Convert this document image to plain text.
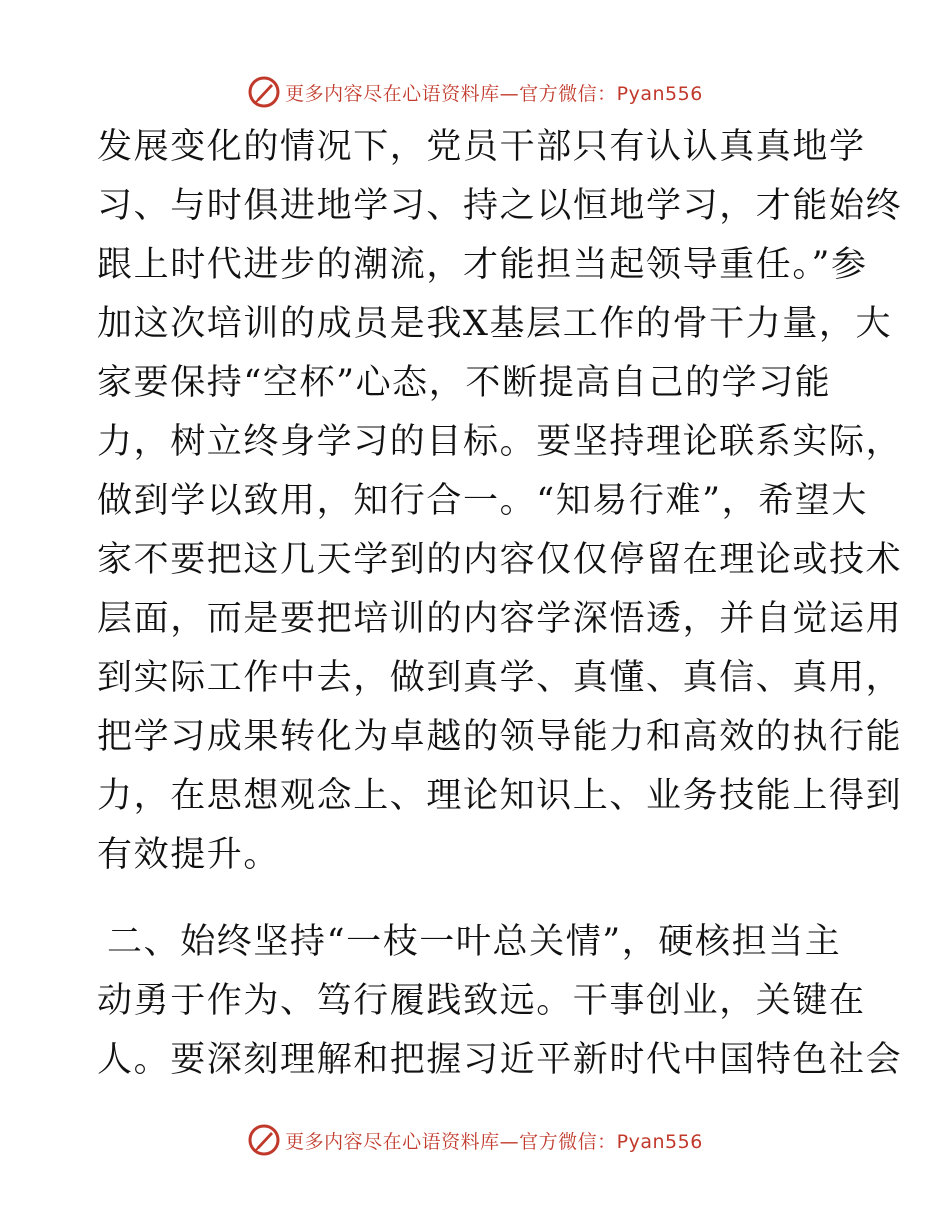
更多内容尽在心语资料库—官方微信：Pyan556
发展变化的情况下，党员干部只有认认真真地学
习、与时俱进地学习、持之以恒地学习，才能始终
跟上时代进步的潮流，才能担当起领导重任。”参
加这次培训的成员是我X基层工作的骨干力量，大
家要保持“空杯”心态，不断提高自己的学习能
力，树立终身学习的目标。要坚持理论联系实际，
做到学以致用，知行合一。“知易行难”，希望大
家不要把这几天学到的内容仅仅停留在理论或技术
层面，而是要把培训的内容学深悟透，并自觉运用
到实际工作中去，做到真学、真懂、真信、真用，
把学习成果转化为卓越的领导能力和高效的执行能
力，在思想观念上、理论知识上、业务技能上得到
有效提升。
二、始终坚持“一枝一叶总关情”，硬核担当主
动勇于作为、笃行履践致远。干事创业，关键在
人。要深刻理解和把握习近平新时代中国特色社会
更多内容尽在心语资料库—官方微信：Pyan556
